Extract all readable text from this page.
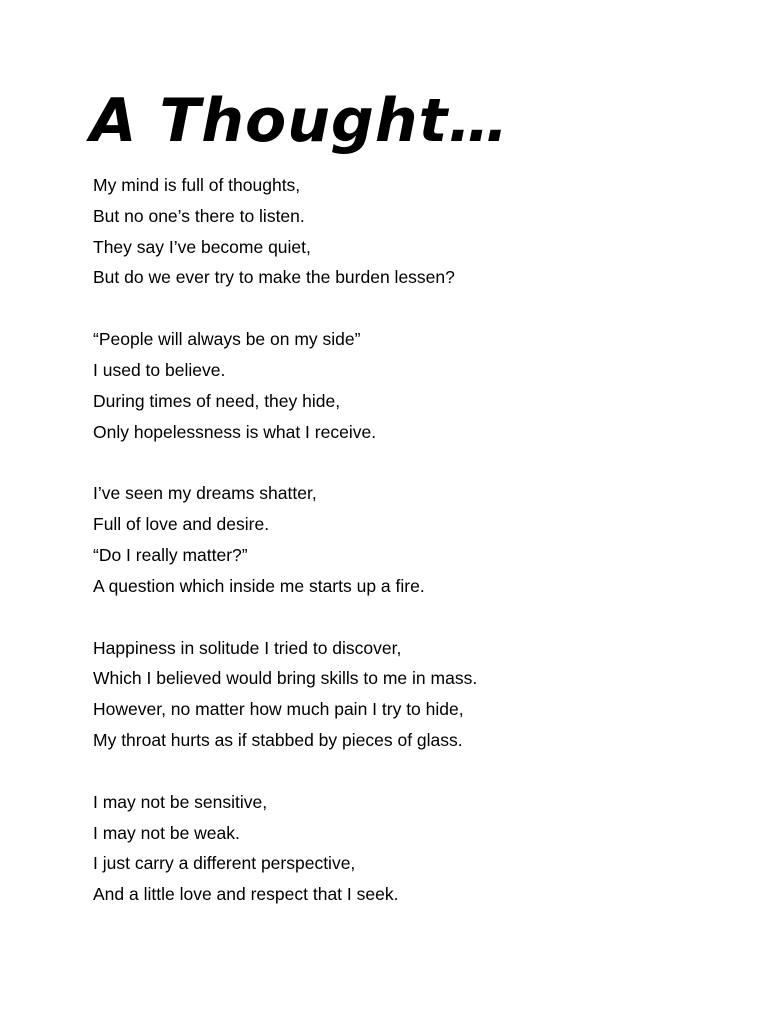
A Thought…
My mind is full of thoughts,
But no one’s there to listen.
They say I’ve become quiet,
But do we ever try to make the burden lessen?
“People will always be on my side”
I used to believe.
During times of need, they hide,
Only hopelessness is what I receive.
I’ve seen my dreams shatter,
Full of love and desire.
“Do I really matter?”
A question which inside me starts up a fire.
Happiness in solitude I tried to discover,
Which I believed would bring skills to me in mass.
However, no matter how much pain I try to hide,
My throat hurts as if stabbed by pieces of glass.
I may not be sensitive,
I may not be weak.
I just carry a different perspective,
And a little love and respect that I seek.
